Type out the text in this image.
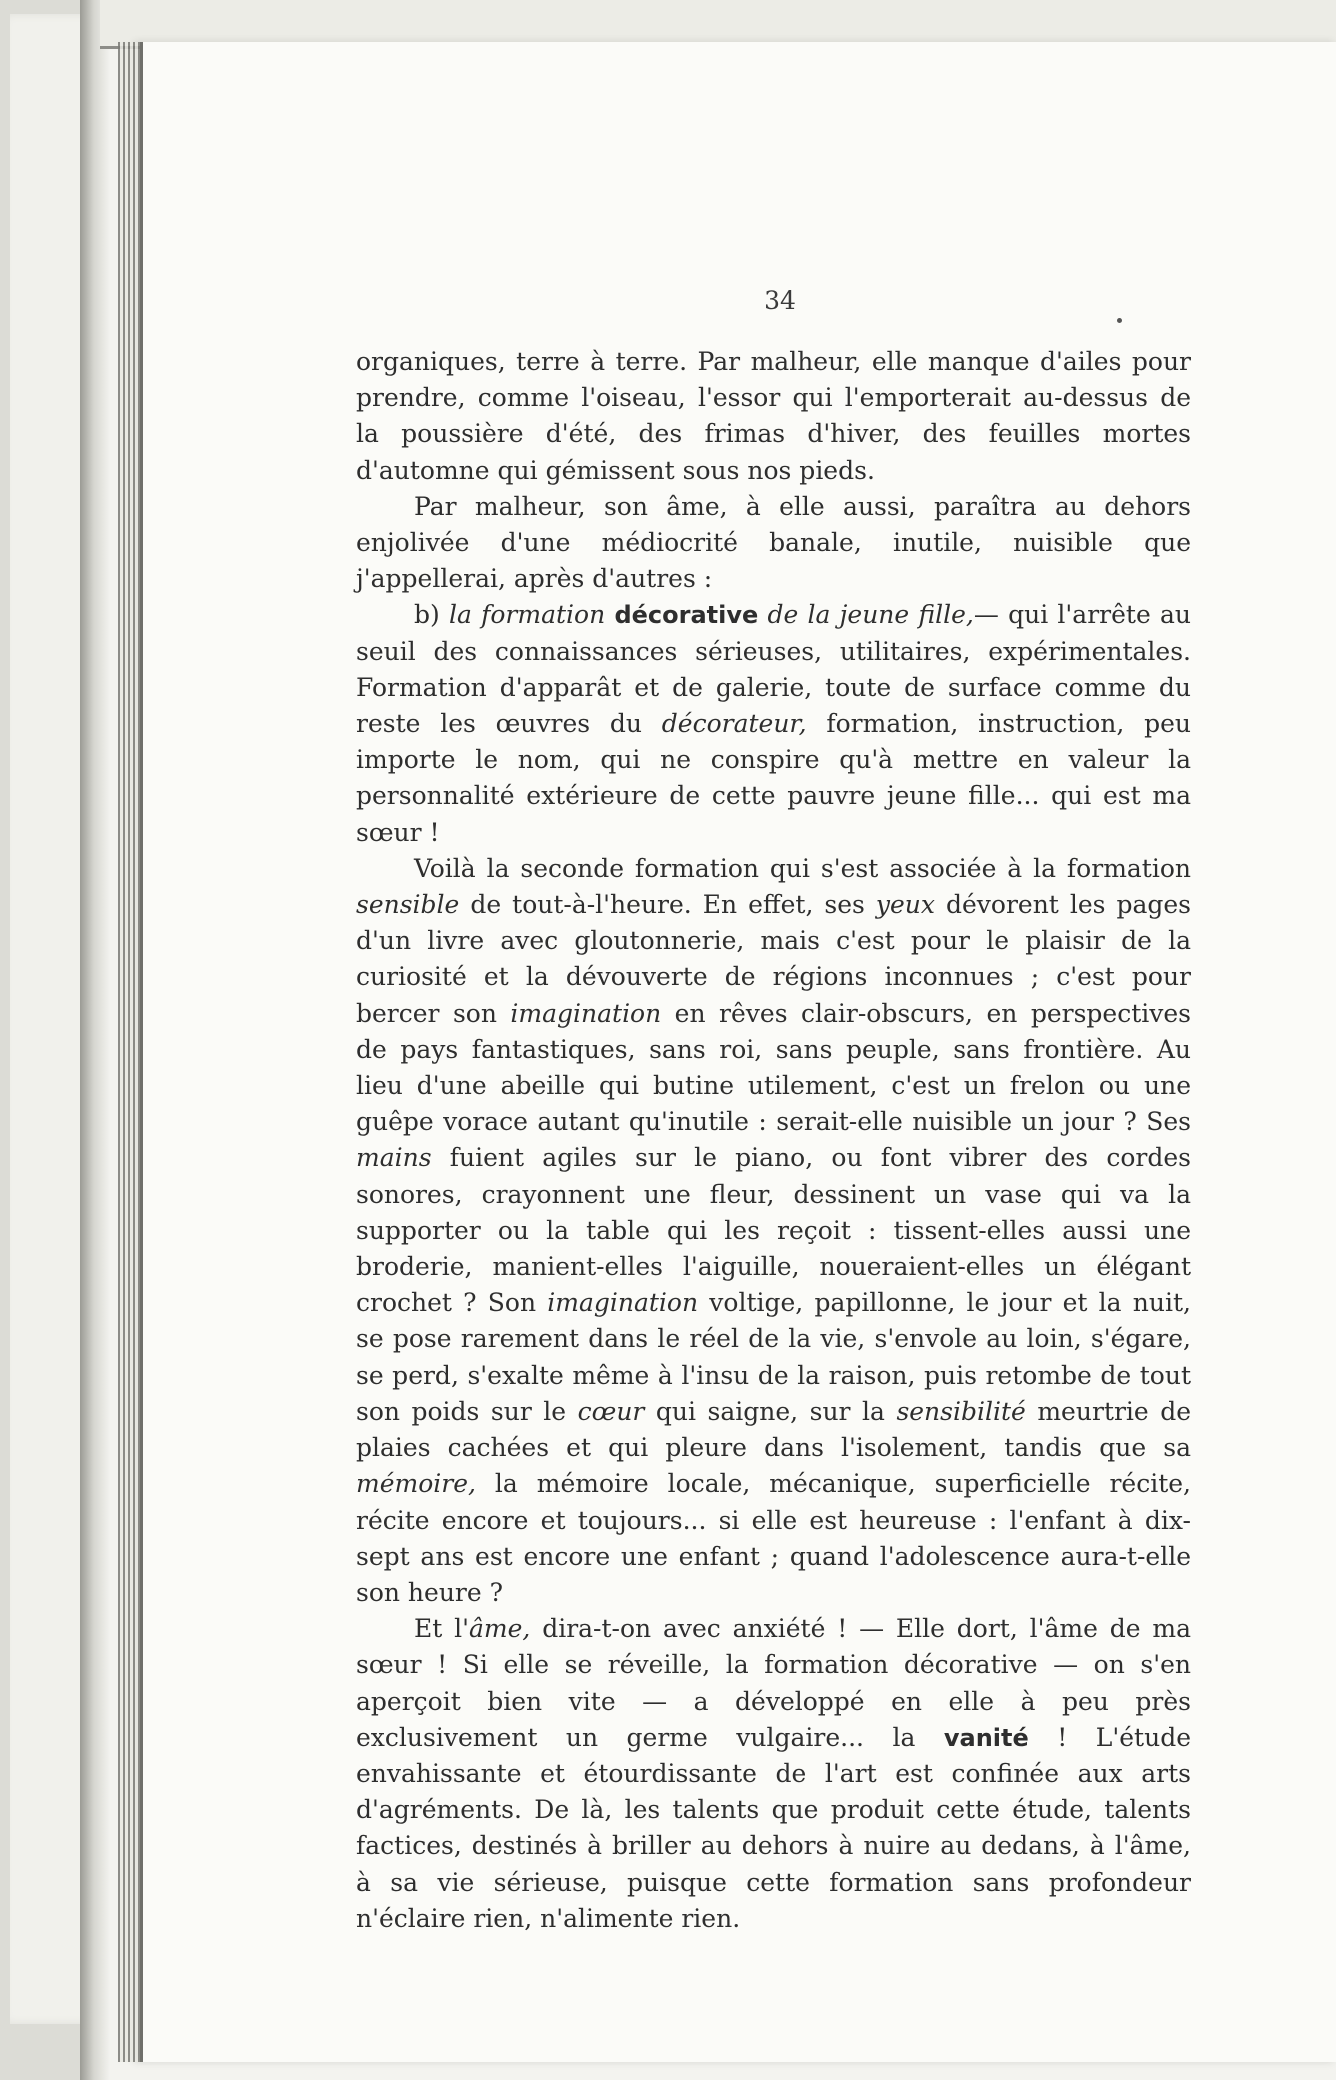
34

organiques, terre à terre. Par malheur, elle manque d'ailes pour prendre, comme l'oiseau, l'essor qui l'emporterait au-dessus de la poussière d'été, des frimas d'hiver, des feuilles mortes d'automne qui gémissent sous nos pieds.

Par malheur, son âme, à elle aussi, paraîtra au dehors enjolivée d'une médiocrité banale, inutile, nuisible que j'appellerai, après d'autres :

b) la formation décorative de la jeune fille,— qui l'arrête au seuil des connaissances sérieuses, utilitaires, expérimentales. Formation d'apparât et de galerie, toute de surface comme du reste les œuvres du décorateur, formation, instruction, peu importe le nom, qui ne conspire qu'à mettre en valeur la personnalité extérieure de cette pauvre jeune fille... qui est ma sœur !

Voilà la seconde formation qui s'est associée à la formation sensible de tout-à-l'heure. En effet, ses yeux dévorent les pages d'un livre avec gloutonnerie, mais c'est pour le plaisir de la curiosité et la dévouverte de régions inconnues ; c'est pour bercer son imagination en rêves clair-obscurs, en perspectives de pays fantastiques, sans roi, sans peuple, sans frontière. Au lieu d'une abeille qui butine utilement, c'est un frelon ou une guêpe vorace autant qu'inutile : serait-elle nuisible un jour ? Ses mains fuient agiles sur le piano, ou font vibrer des cordes sonores, crayonnent une fleur, dessinent un vase qui va la supporter ou la table qui les reçoit : tissent-elles aussi une broderie, manient-elles l'aiguille, noueraient-elles un élégant crochet ? Son imagination voltige, papillonne, le jour et la nuit, se pose rarement dans le réel de la vie, s'envole au loin, s'égare, se perd, s'exalte même à l'insu de la raison, puis retombe de tout son poids sur le cœur qui saigne, sur la sensibilité meurtrie de plaies cachées et qui pleure dans l'isolement, tandis que sa mémoire, la mémoire locale, mécanique, superficielle récite, récite encore et toujours... si elle est heureuse : l'enfant à dix-sept ans est encore une enfant ; quand l'adolescence aura-t-elle son heure ?

Et l'âme, dira-t-on avec anxiété ! — Elle dort, l'âme de ma sœur ! Si elle se réveille, la formation décorative — on s'en aperçoit bien vite — a développé en elle à peu près exclusivement un germe vulgaire... la vanité ! L'étude envahissante et étourdissante de l'art est confinée aux arts d'agréments. De là, les talents que produit cette étude, talents factices, destinés à briller au dehors à nuire au dedans, à l'âme, à sa vie sérieuse, puisque cette formation sans profondeur n'éclaire rien, n'alimente rien.
